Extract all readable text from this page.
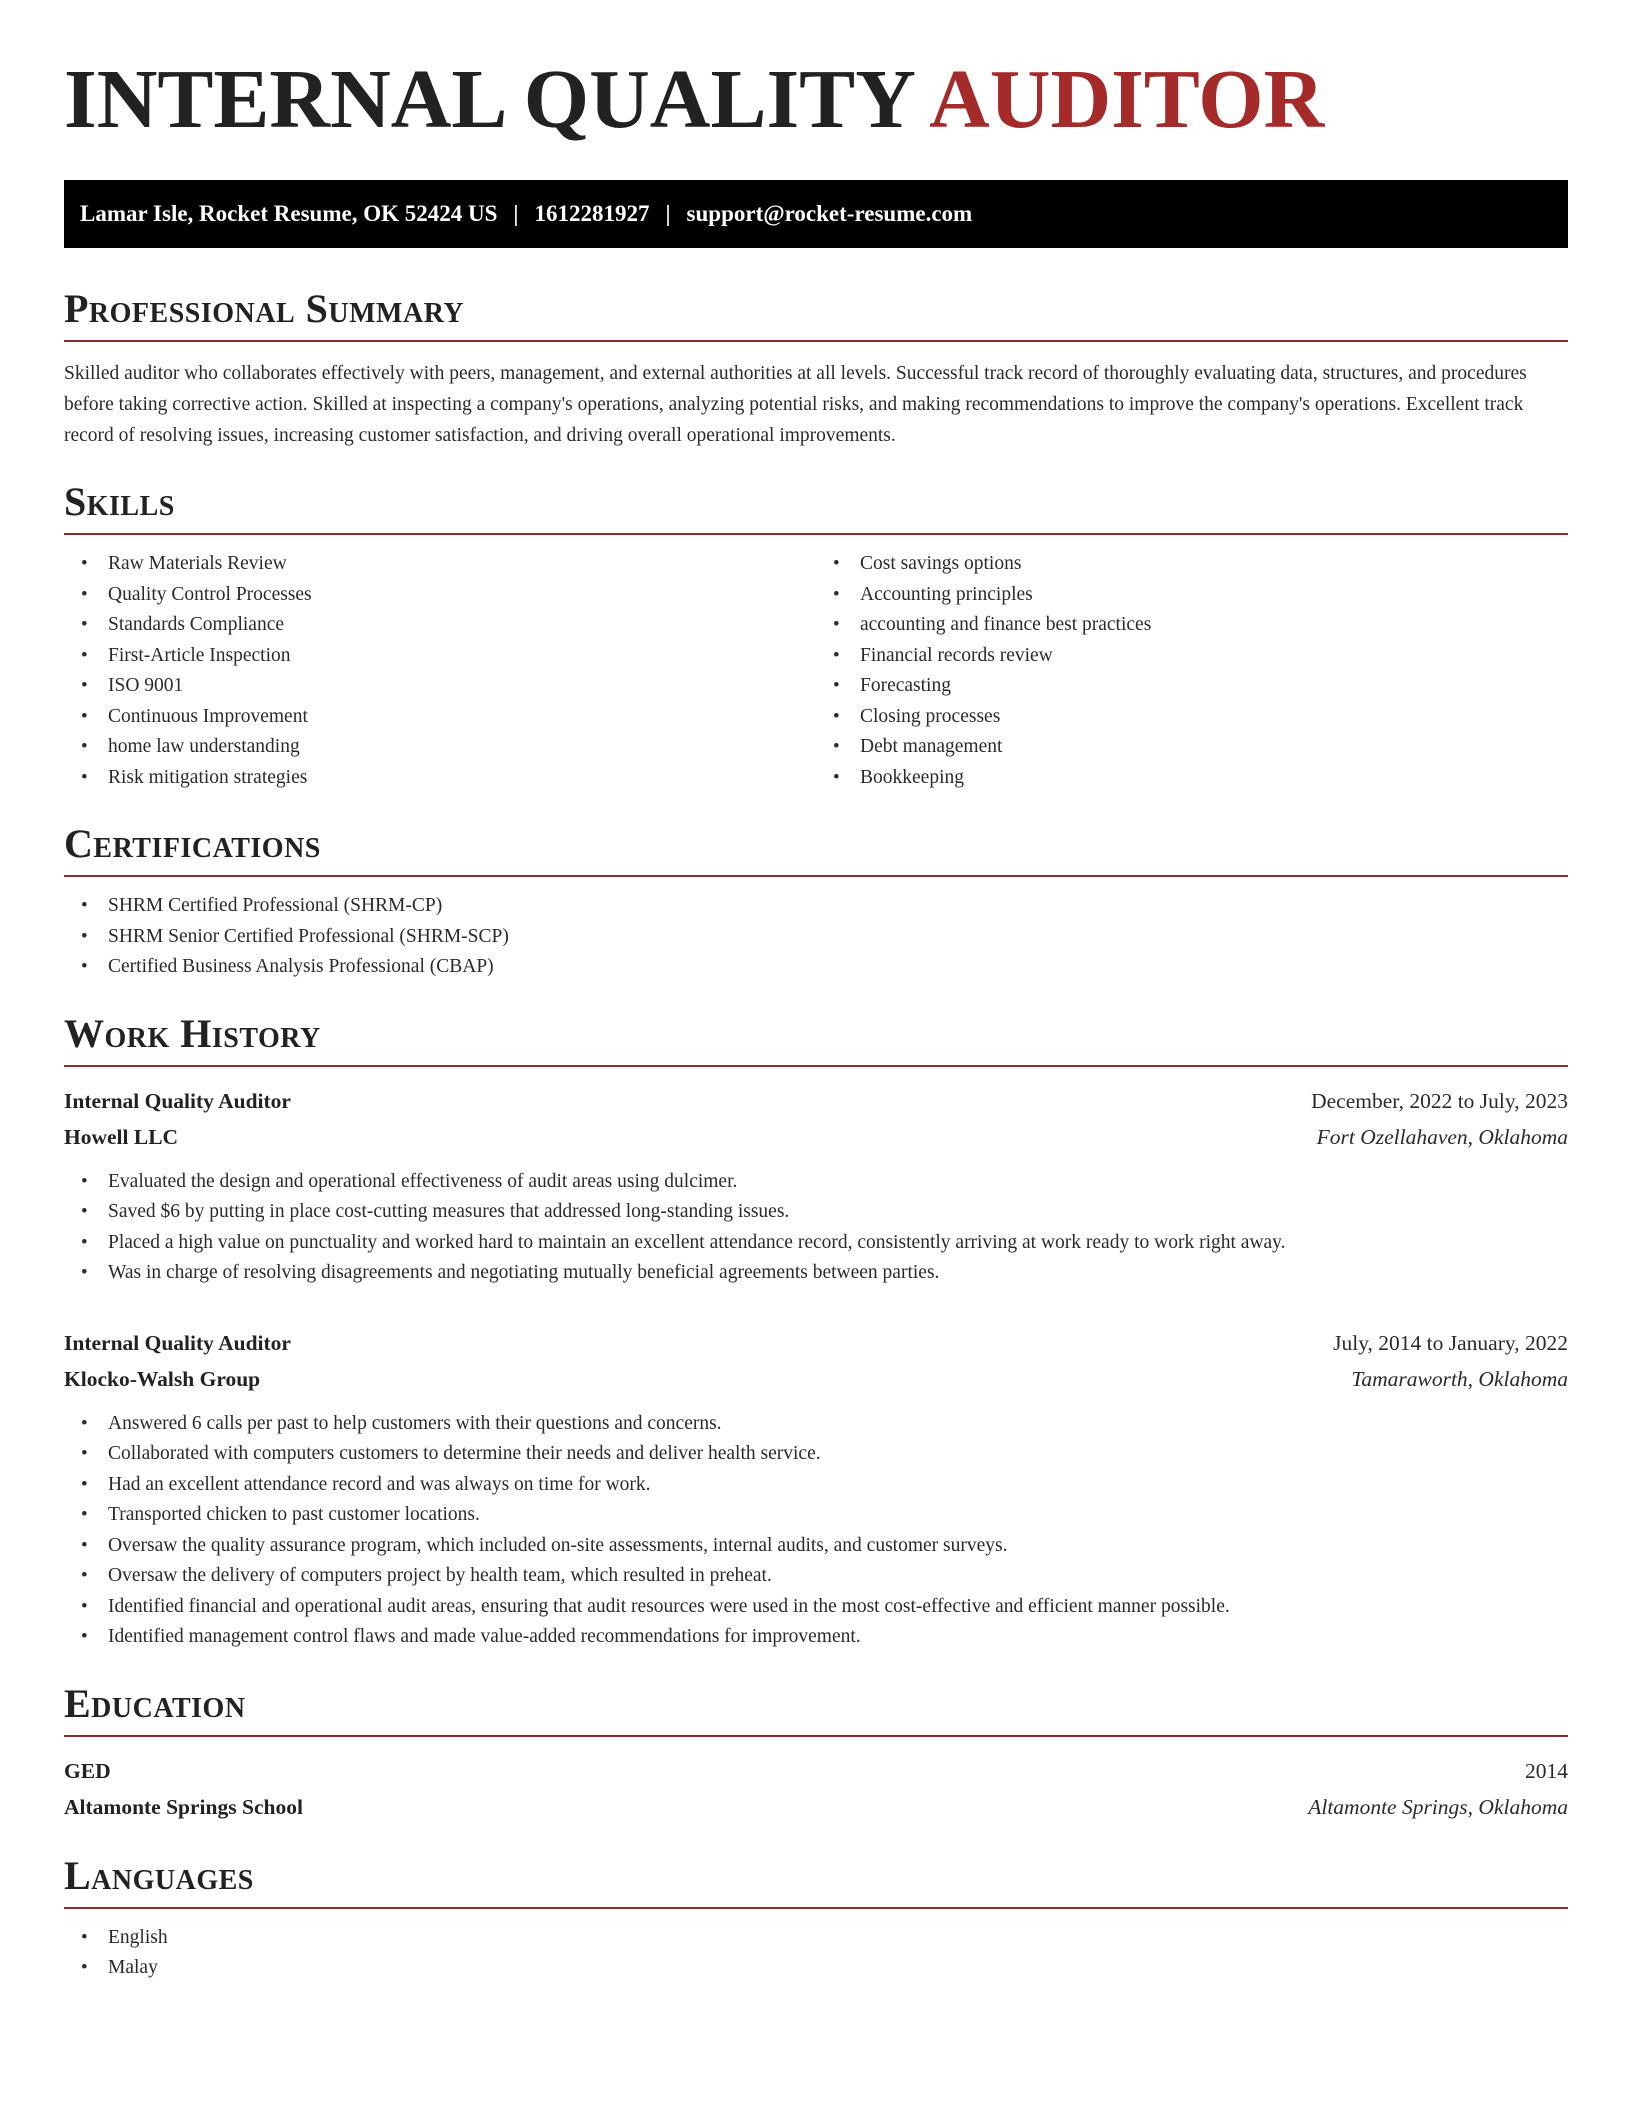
INTERNAL QUALITY AUDITOR
Lamar Isle, Rocket Resume, OK 52424 US | 1612281927 | support@rocket-resume.com
Professional Summary

Skilled auditor who collaborates effectively with peers, management, and external authorities at all levels. Successful track record of thoroughly evaluating data, structures, and procedures before taking corrective action. Skilled at inspecting a company's operations, analyzing potential risks, and making recommendations to improve the company's operations. Excellent track record of resolving issues, increasing customer satisfaction, and driving overall operational improvements.

Skills
• Raw Materials Review
• Quality Control Processes
• Standards Compliance
• First-Article Inspection
• ISO 9001
• Continuous Improvement
• home law understanding
• Risk mitigation strategies
• Cost savings options
• Accounting principles
• accounting and finance best practices
• Financial records review
• Forecasting
• Closing processes
• Debt management
• Bookkeeping
Certifications
• SHRM Certified Professional (SHRM-CP)
• SHRM Senior Certified Professional (SHRM-SCP)
• Certified Business Analysis Professional (CBAP)
Work History
Internal Quality Auditor	December, 2022 to July, 2023
Howell LLC	Fort Ozellahaven, Oklahoma
• Evaluated the design and operational effectiveness of audit areas using dulcimer.
• Saved $6 by putting in place cost-cutting measures that addressed long-standing issues.
• Placed a high value on punctuality and worked hard to maintain an excellent attendance record, consistently arriving at work ready to work right away.
• Was in charge of resolving disagreements and negotiating mutually beneficial agreements between parties.
Internal Quality Auditor	July, 2014 to January, 2022
Klocko-Walsh Group	Tamaraworth, Oklahoma
• Answered 6 calls per past to help customers with their questions and concerns.
• Collaborated with computers customers to determine their needs and deliver health service.
• Had an excellent attendance record and was always on time for work.
• Transported chicken to past customer locations.
• Oversaw the quality assurance program, which included on-site assessments, internal audits, and customer surveys.
• Oversaw the delivery of computers project by health team, which resulted in preheat.
• Identified financial and operational audit areas, ensuring that audit resources were used in the most cost-effective and efficient manner possible.
• Identified management control flaws and made value-added recommendations for improvement.
Education
GED	2014
Altamonte Springs School	Altamonte Springs, Oklahoma
Languages
• English
• Malay
